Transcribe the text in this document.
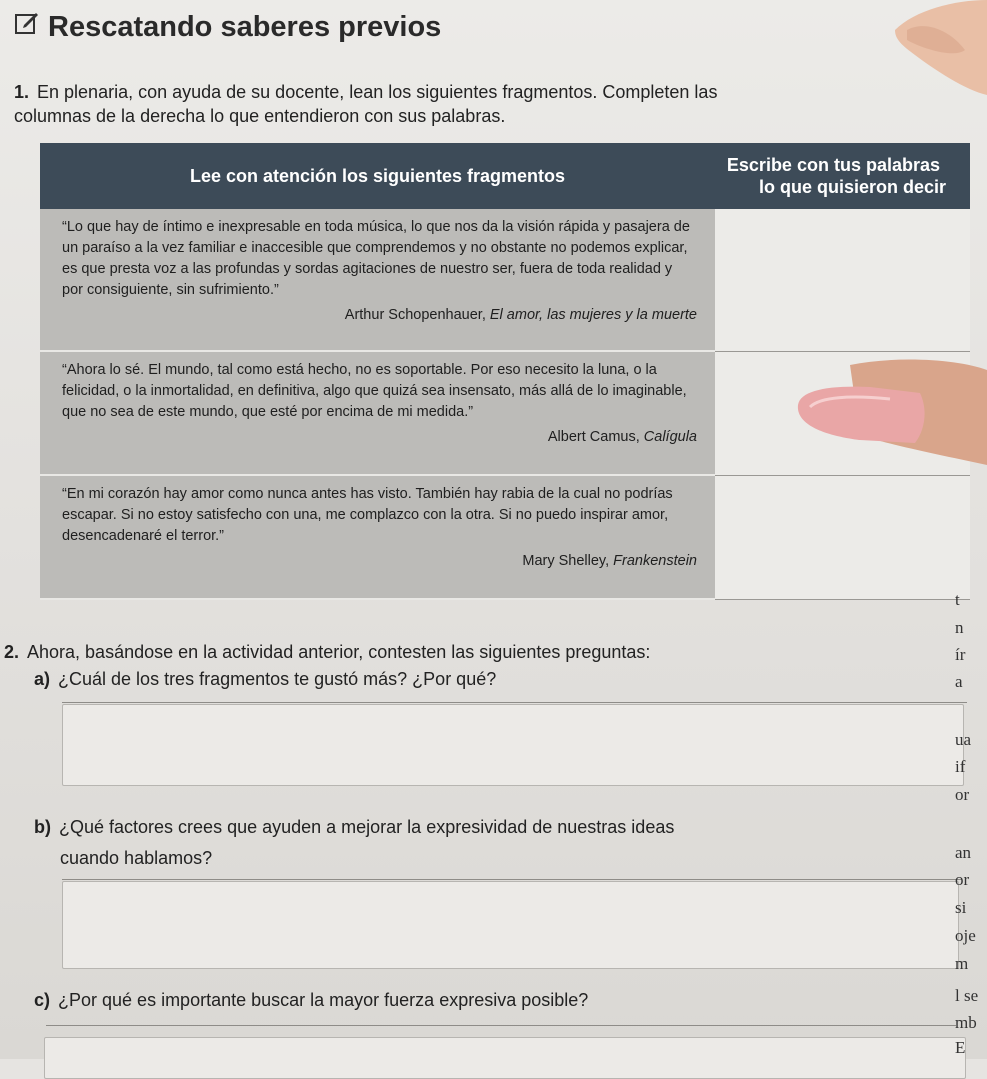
Rescatando saberes previos
1. En plenaria, con ayuda de su docente, lean los siguientes fragmentos. Completen las columnas de la derecha lo que entendieron con sus palabras.
Lee con atención los siguientes fragmentos	Escribe con tus palabras
lo que quisieron decir

“Lo que hay de íntimo e inexpresable en toda música, lo que nos da la visión rápida y pasajera de un paraíso a la vez familiar e inaccesible que comprendemos y no obstante no podemos explicar, es que presta voz a las profundas y sordas agitaciones de nuestro ser, fuera de toda realidad y por consiguiente, sin sufrimiento.”
Arthur Schopenhauer, El amor, las mujeres y la muerte	

“Ahora lo sé. El mundo, tal como está hecho, no es soportable. Por eso necesito la luna, o la felicidad, o la inmortalidad, en definitiva, algo que quizá sea insensato, más allá de lo imaginable, que no sea de este mundo, que esté por encima de mi medida.”
Albert Camus, Calígula	

“En mi corazón hay amor como nunca antes has visto. También hay rabia de la cual no podrías escapar. Si no estoy satisfecho con una, me complazco con la otra. Si no puedo inspirar amor, desencadenaré el terror.”
Mary Shelley, Frankenstein	

2. Ahora, basándose en la actividad anterior, contesten las siguientes preguntas:
a) ¿Cuál de los tres fragmentos te gustó más? ¿Por qué?
b) ¿Qué factores crees que ayuden a mejorar la expresividad de nuestras ideas
cuando hablamos?
c) ¿Por qué es importante buscar la mayor fuerza expresiva posible?
t
n
ír
a
ua
if
or
an
or
si
oje
m
l se
mb
E
